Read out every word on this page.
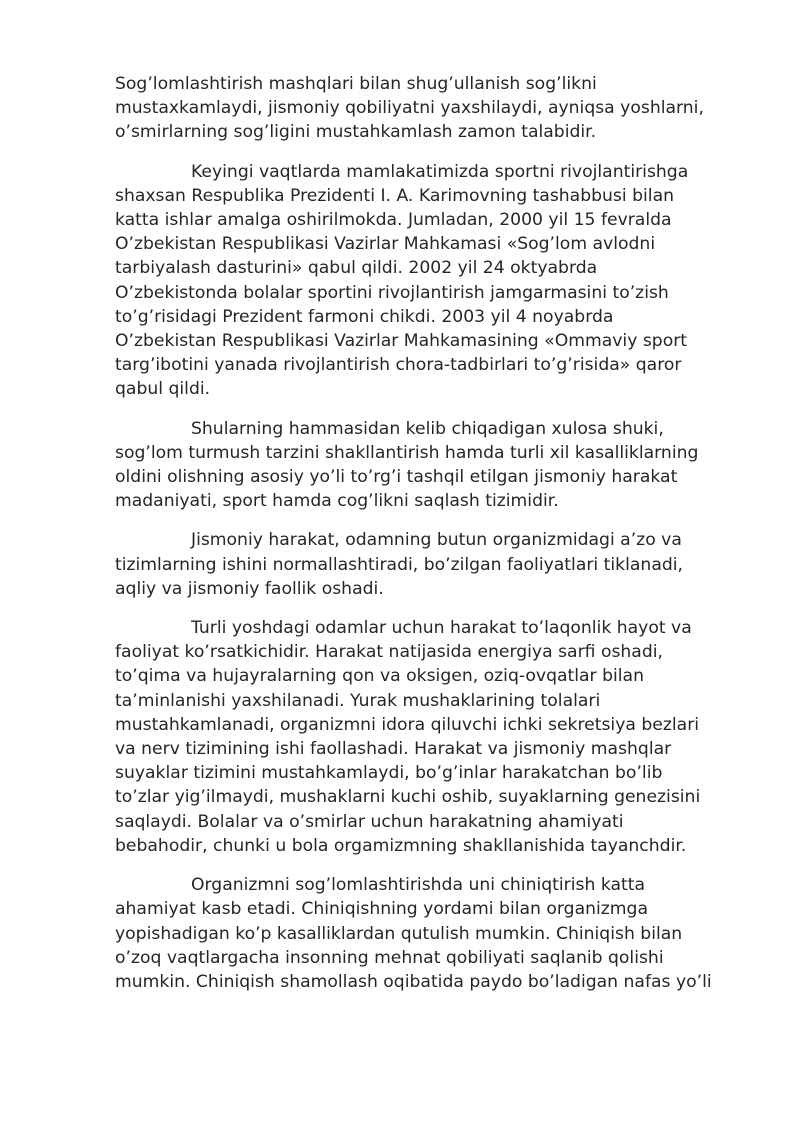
Sog’lomlashtirish mashqlari bilan shug’ullanish sog’likni mustaxkamlaydi, jismoniy qobiliyatni yaxshilaydi, ayniqsa yoshlarni, o’smirlarning sog’ligini mustahkamlash zamon talabidir.

Keyingi vaqtlarda mamlakatimizda sportni rivojlantirishga shaxsan Respublika Prezidenti I. A. Karimovning tashabbusi bilan katta ishlar amalga oshirilmokda. Jumladan, 2000 yil 15 fevralda O’zbekistan Respublikasi Vazirlar Mahkamasi «Sog’lom avlodni tarbiyalash dasturini» qabul qildi. 2002 yil 24 oktyabrda O’zbekistonda bolalar sportini rivojlantirish jamgarmasini to’zish to’g’risidagi Prezident farmoni chikdi. 2003 yil 4 noyabrda O’zbekistan Respublikasi Vazirlar Mahkamasining «Ommaviy sport targ’ibotini yanada rivojlantirish chora-tadbirlari to’g’risida» qaror qabul qildi.

Shularning hammasidan kelib chiqadigan xulosa shuki, sog’lom turmush tarzini shakllantirish hamda turli xil kasalliklarning oldini olishning asosiy yo’li to’rg’i tashqil etilgan jismoniy harakat madaniyati, sport hamda cog’likni saqlash tizimidir.

Jismoniy harakat, odamning butun organizmidagi a’zo va tizimlarning ishini normallashtiradi, bo’zilgan faoliyatlari tiklanadi, aqliy va jismoniy faollik oshadi.

Turli yoshdagi odamlar uchun harakat to’laqonlik hayot va faoliyat ko’rsatkichidir. Harakat natijasida energiya sarfi oshadi, to’qima va hujayralarning qon va oksigen, oziq-ovqatlar bilan ta’minlanishi yaxshilanadi. Yurak mushaklarining tolalari mustahkamlanadi, organizmni idora qiluvchi ichki sekretsiya bezlari va nerv tizimining ishi faollashadi. Harakat va jismoniy mashqlar suyaklar tizimini mustahkamlaydi, bo’g’inlar harakatchan bo’lib to’zlar yig’ilmaydi, mushaklarni kuchi oshib, suyaklarning genezisini saqlaydi. Bolalar va o’smirlar uchun harakatning ahamiyati bebahodir, chunki u bola orgamizmning shakllanishida tayanchdir.

Organizmni sog’lomlashtirishda uni chiniqtirish katta ahamiyat kasb etadi. Chiniqishning yordami bilan organizmga yopishadigan ko’p kasalliklardan qutulish mumkin. Chiniqish bilan o’zoq vaqtlargacha insonning mehnat qobiliyati saqlanib qolishi mumkin. Chiniqish shamollash oqibatida paydo bo’ladigan nafas yo’li
